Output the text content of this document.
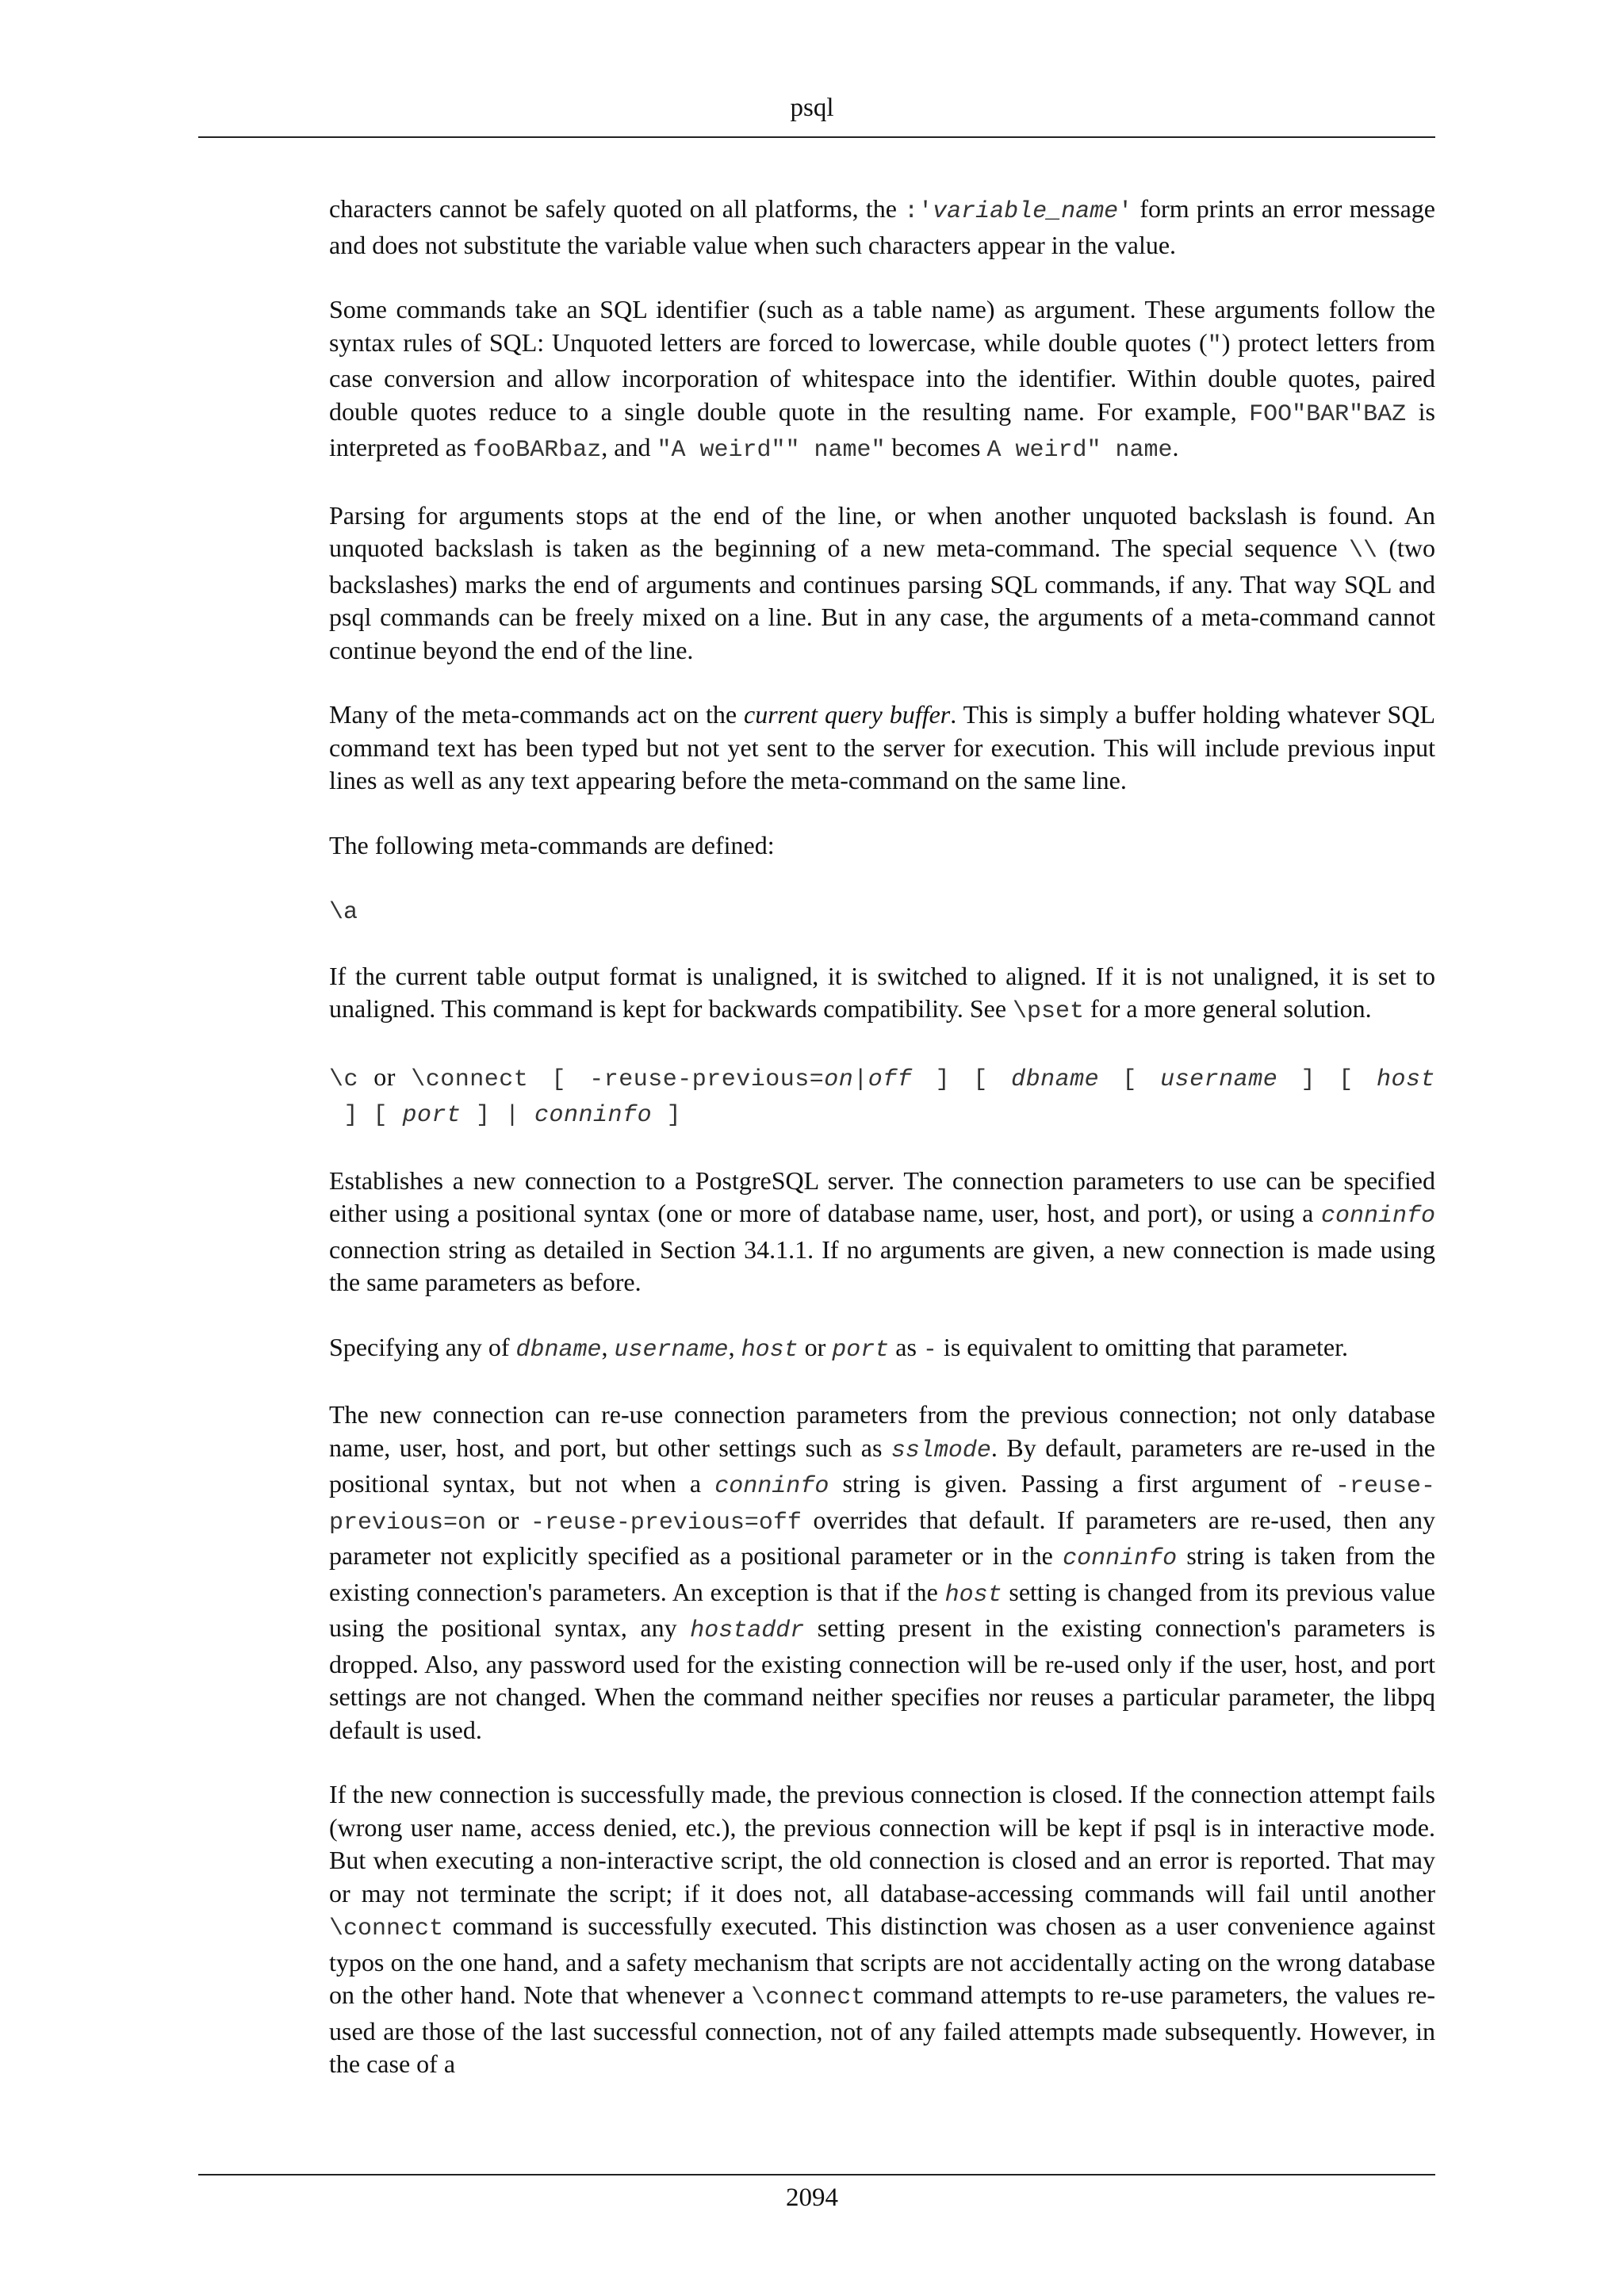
psql

characters cannot be safely quoted on all platforms, the :'variable_name' form prints an error message and does not substitute the variable value when such characters appear in the value.

Some commands take an SQL identifier (such as a table name) as argument. These arguments follow the syntax rules of SQL: Unquoted letters are forced to lowercase, while double quotes (") protect letters from case conversion and allow incorporation of whitespace into the identifier. Within double quotes, paired double quotes reduce to a single double quote in the resulting name. For example, FOO"BAR"BAZ is interpreted as fooBARbaz, and "A weird"" name" becomes A weird" name.

Parsing for arguments stops at the end of the line, or when another unquoted backslash is found. An unquoted backslash is taken as the beginning of a new meta-command. The special sequence \\ (two backslashes) marks the end of arguments and continues parsing SQL commands, if any. That way SQL and psql commands can be freely mixed on a line. But in any case, the arguments of a meta-command cannot continue beyond the end of the line.

Many of the meta-commands act on the current query buffer. This is simply a buffer holding whatever SQL command text has been typed but not yet sent to the server for execution. This will include previous input lines as well as any text appearing before the meta-command on the same line.

The following meta-commands are defined:

\a

If the current table output format is unaligned, it is switched to aligned. If it is not unaligned, it is set to unaligned. This command is kept for backwards compatibility. See \pset for a more general solution.

\c or \connect [ -reuse-previous=on|off ] [ dbname [ username ] [ host ] [ port ] | conninfo ]

Establishes a new connection to a PostgreSQL server. The connection parameters to use can be specified either using a positional syntax (one or more of database name, user, host, and port), or using a conninfo connection string as detailed in Section 34.1.1. If no arguments are given, a new connection is made using the same parameters as before.

Specifying any of dbname, username, host or port as - is equivalent to omitting that parameter.

The new connection can re-use connection parameters from the previous connection; not only database name, user, host, and port, but other settings such as sslmode. By default, parameters are re-used in the positional syntax, but not when a conninfo string is given. Passing a first argument of -reuse-previous=on or -reuse-previous=off overrides that default. If parameters are re-used, then any parameter not explicitly specified as a positional parameter or in the conninfo string is taken from the existing connection's parameters. An exception is that if the host setting is changed from its previous value using the positional syntax, any hostaddr setting present in the existing connection's parameters is dropped. Also, any password used for the existing connection will be re-used only if the user, host, and port settings are not changed. When the command neither specifies nor reuses a particular parameter, the libpq default is used.

If the new connection is successfully made, the previous connection is closed. If the connection attempt fails (wrong user name, access denied, etc.), the previous connection will be kept if psql is in interactive mode. But when executing a non-interactive script, the old connection is closed and an error is reported. That may or may not terminate the script; if it does not, all database-accessing commands will fail until another \connect command is successfully executed. This distinction was chosen as a user convenience against typos on the one hand, and a safety mechanism that scripts are not accidentally acting on the wrong database on the other hand. Note that whenever a \connect command attempts to re-use parameters, the values re-used are those of the last successful connection, not of any failed attempts made subsequently. However, in the case of a

2094
